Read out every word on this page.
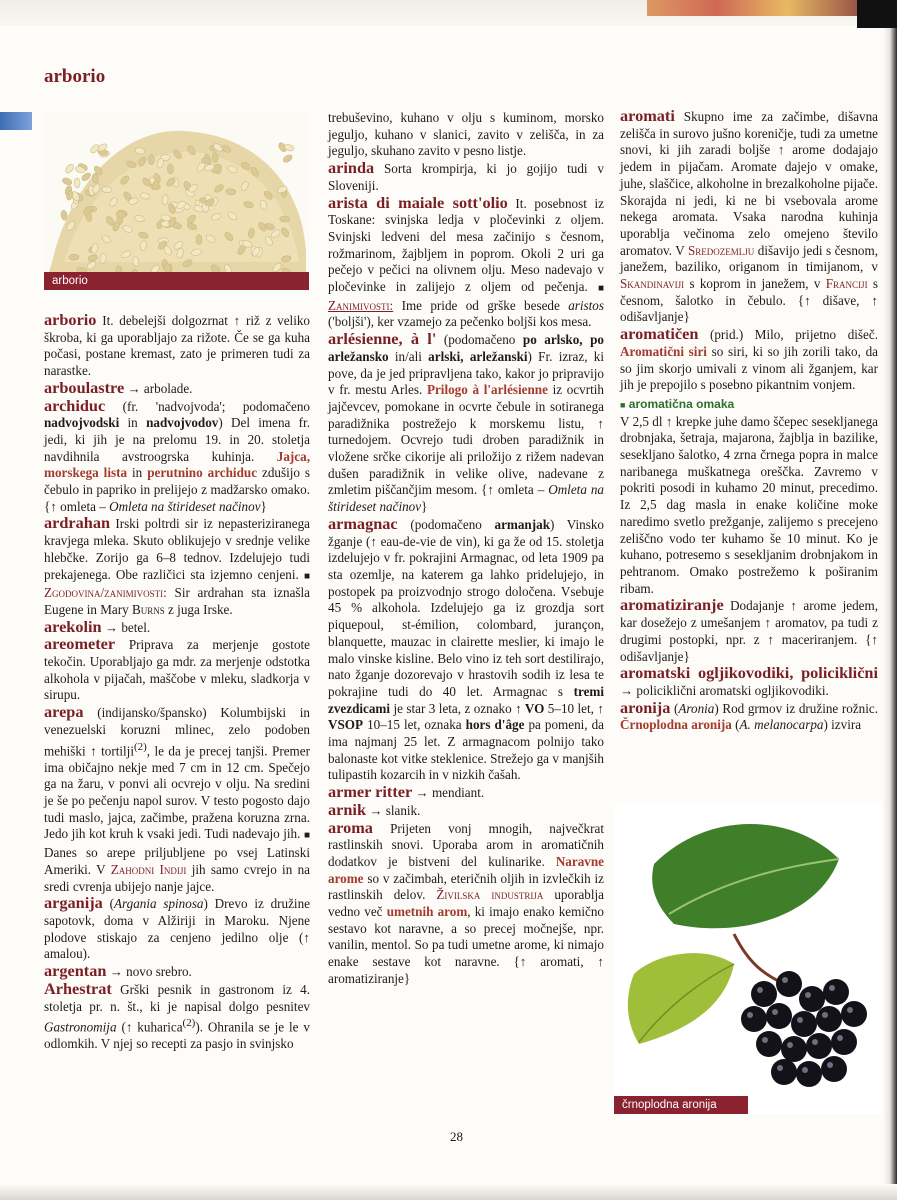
arborio
arborio
črnoplodna aronija

arborio It. debelejši dolgozrnat ↑ riž z veliko škroba, ki ga uporabljajo za rižote. Če se ga kuha počasi, postane kremast, zato je primeren tudi za narastke.

arboulastre → arbolade.

archiduc (fr. 'nadvojvoda'; podomačeno nadvojvodski in nadvojvodov) Del imena fr. jedi, ki jih je na prelomu 19. in 20. stoletja navdihnila avstroogrska kuhinja. Jajca, morskega lista in perutnino archiduc zdušijo s čebulo in papriko in prelijejo z madžarsko omako. {↑ omleta – Omleta na štirideset načinov}

ardrahan Irski poltrdi sir iz nepasteriziranega kravjega mleka. Skuto oblikujejo v srednje velike hlebčke. Zorijo ga 6–8 tednov. Izdelujejo tudi prekajenega. Obe različici sta izjemno cenjeni. ■ Zgodovina/zanimivosti: Sir ardrahan sta iznašla Eugene in Mary Burns z juga Irske.

arekolin → betel.

areometer Priprava za merjenje gostote tekočin. Uporabljajo ga mdr. za merjenje odstotka alkohola v pijačah, maščobe v mleku, sladkorja v sirupu.

arepa (indijansko/špansko) Kolumbijski in venezuelski koruzni mlinec, zelo podoben mehiški ↑ tortilji$^{(2)}$, le da je precej tanjši. Premer ima običajno nekje med 7 cm in 12 cm. Spečejo ga na žaru, v ponvi ali ocvrejo v olju. Na sredini je še po pečenju napol surov. V testo pogosto dajo tudi maslo, jajca, začimbe, pražena koruzna zrna. Jedo jih kot kruh k vsaki jedi. Tudi nadevajo jih. ■ Danes so arepe priljubljene po vsej Latinski Ameriki. V Zahodni Indiji jih samo cvrejo in na sredi cvrenja ubijejo nanje jajce.

arganija (Argania spinosa) Drevo iz družine sapotovk, doma v Alžiriji in Maroku. Njene plodove stiskajo za cenjeno jedilno olje (↑ amalou).

argentan → novo srebro.

Arhestrat Grški pesnik in gastronom iz 4. stoletja pr. n. št., ki je napisal dolgo pesnitev Gastronomija (↑ kuharica$^{(2)}$). Ohranila se je le v odlomkih. V njej so recepti za pasjo in svinjsko

trebuševino, kuhano v olju s kuminom, morsko jeguljo, kuhano v slanici, zavito v zelišča, in za jeguljo, skuhano zavito v pesno listje.

arinda Sorta krompirja, ki jo gojijo tudi v Sloveniji.

arista di maiale sott'olio It. posebnost iz Toskane: svinjska ledja v pločevinki z oljem. Svinjski ledveni del mesa začinijo s česnom, rožmarinom, žajbljem in poprom. Okoli 2 uri ga pečejo v pečici na olivnem olju. Meso nadevajo v pločevinke in zalijejo z oljem od pečenja. ■ Zanimivosti: Ime pride od grške besede aristos ('boljši'), ker vzamejo za pečenko boljši kos mesa.

arlésienne, à l' (podomačeno po arlsko, po arležansko in/ali arlski, arležanski) Fr. izraz, ki pove, da je jed pripravljena tako, kakor jo pripravijo v fr. mestu Arles. Prilogo à l'arlésienne iz ocvrtih jajčevcev, pomokane in ocvrte čebule in sotiranega paradižnika postrežejo k morskemu listu, ↑ turnedojem. Ocvrejo tudi droben paradižnik in vložene srčke cikorije ali priložijo z rižem nadevan dušen paradižnik in velike olive, nadevane z zmletim piščančjim mesom. {↑ omleta – Omleta na štirideset načinov}

armagnac (podomačeno armanjak) Vinsko žganje (↑ eau-de-vie de vin), ki ga že od 15. stoletja izdelujejo v fr. pokrajini Armagnac, od leta 1909 pa sta ozemlje, na katerem ga lahko pridelujejo, in postopek pa proizvodnjo strogo določena. Vsebuje 45 % alkohola. Izdelujejo ga iz grozdja sort piquepoul, st-émilion, colombard, jurançon, blanquette, mauzac in clairette meslier, ki imajo le malo vinske kisline. Belo vino iz teh sort destilirajo, nato žganje dozorevajo v hrastovih sodih iz lesa te pokrajine tudi do 40 let. Armagnac s tremi zvezdicami je star 3 leta, z oznako ↑ VO 5–10 let, ↑ VSOP 10–15 let, oznaka hors d'âge pa pomeni, da ima najmanj 25 let. Z armagnacom polnijo tako balonaste kot vitke steklenice. Strežejo ga v manjših tulipastih kozarcih in v nizkih čašah.

armer ritter → mendiant.

arnik → slanik.

aroma Prijeten vonj mnogih, največkrat rastlinskih snovi. Uporaba arom in aromatičnih dodatkov je bistveni del kulinarike. Naravne arome so v začimbah, eteričnih oljih in izvlečkih iz rastlinskih delov. Živilska industrija uporablja vedno več umetnih arom, ki imajo enako kemično sestavo kot naravne, a so precej močnejše, npr. vanilin, mentol. So pa tudi umetne arome, ki nimajo enake sestave kot naravne. {↑ aromati, ↑ aromatiziranje}

aromati Skupno ime za začimbe, dišavna zelišča in surovo jušno koreničje, tudi za umetne snovi, ki jih zaradi boljše ↑ arome dodajajo jedem in pijačam. Aromate dajejo v omake, juhe, slaščice, alkoholne in brezalkoholne pijače. Skorajda ni jedi, ki ne bi vsebovala arome nekega aromata. Vsaka narodna kuhinja uporablja večinoma zelo omejeno število aromatov. V Sredozemlju dišavijo jedi s česnom, janežem, baziliko, origanom in timijanom, v Skandinaviji s koprom in janežem, v Franciji s česnom, šalotko in čebulo. {↑ dišave, ↑ odišavljanje}

aromatičen (prid.) Milo, prijetno dišeč. Aromatični siri so siri, ki so jih zorili tako, da so jim skorjo umivali z vinom ali žganjem, kar jih je prepojilo s posebno pikantnim vonjem.

■ aromatična omaka

V 2,5 dl ↑ krepke juhe damo ščepec sesekljanega drobnjaka, šetraja, majarona, žajblja in bazilike, sesekljano šalotko, 4 zrna črnega popra in malce naribanega muškatnega oreščka. Zavremo v pokriti posodi in kuhamo 20 minut, precedimo. Iz 2,5 dag masla in enake količine moke naredimo svetlo prežganje, zalijemo s precejeno zeliščno vodo ter kuhamo še 10 minut. Ko je kuhano, potresemo s sesekljanim drobnjakom in pehtranom. Omako postrežemo k poširanim ribam.

aromatiziranje Dodajanje ↑ arome jedem, kar dosežejo z umešanjem ↑ aromatov, pa tudi z drugimi postopki, npr. z ↑ maceriranjem. {↑ odišavljanje}

aromatski ogljikovodiki, policiklični → policiklični aromatski ogljikovodiki.

aronija (Aronia) Rod grmov iz družine rožnic. Črnoplodna aronija (A. melanocarpa) izvira

28
